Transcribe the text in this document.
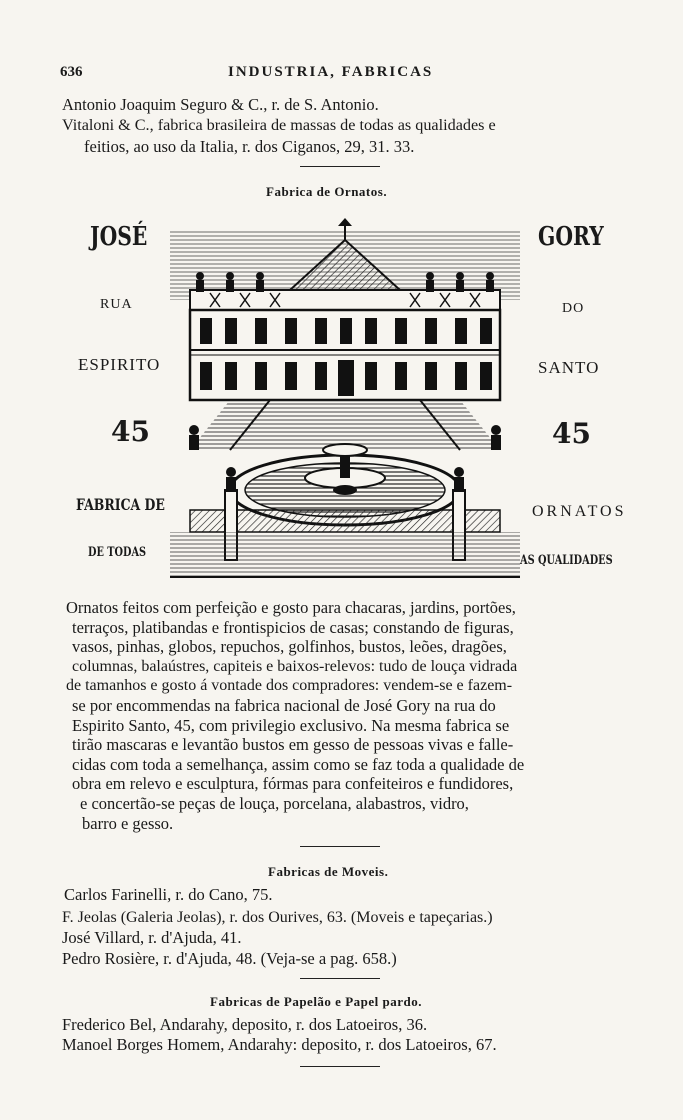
636	INDUSTRIA, FABRICAS
Antonio Joaquim Seguro & C., r. de S. Antonio.
Vitaloni & C., fabrica brasileira de massas de todas as qualidades e
feitios, ao uso da Italia, r. dos Ciganos, 29, 31. 33.
Fabrica de Ornatos.
JOSÉ
RUA
ESPIRITO
45
FABRICA DE
DE TODAS
GORY
DO
SANTO
45
ORNATOS
AS QUALIDADES
Ornatos feitos com perfeição e gosto para chacaras, jardins, portões,
terraços, platibandas e frontispicios de casas; constando de figuras,
vasos, pinhas, globos, repuchos, golfinhos, bustos, leões, dragões,
columnas, balaústres, capiteis e baixos-relevos: tudo de louça vidrada
de tamanhos e gosto á vontade dos compradores: vendem-se e fazem-
se por encommendas na fabrica nacional de José Gory na rua do
Espirito Santo, 45, com privilegio exclusivo. Na mesma fabrica se
tirão mascaras e levantão bustos em gesso de pessoas vivas e falle-
cidas com toda a semelhança, assim como se faz toda a qualidade de
obra em relevo e esculptura, fórmas para confeiteiros e fundidores,
e concertão-se peças de louça, porcelana, alabastros, vidro,
barro e gesso.
Fabricas de Moveis.
Carlos Farinelli, r. do Cano, 75.
F. Jeolas (Galeria Jeolas), r. dos Ourives, 63. (Moveis e tapeçarias.)
José Villard, r. d'Ajuda, 41.
Pedro Rosière, r. d'Ajuda, 48. (Veja-se a pag. 658.)
Fabricas de Papelão e Papel pardo.
Frederico Bel, Andarahy, deposito, r. dos Latoeiros, 36.
Manoel Borges Homem, Andarahy: deposito, r. dos Latoeiros, 67.
